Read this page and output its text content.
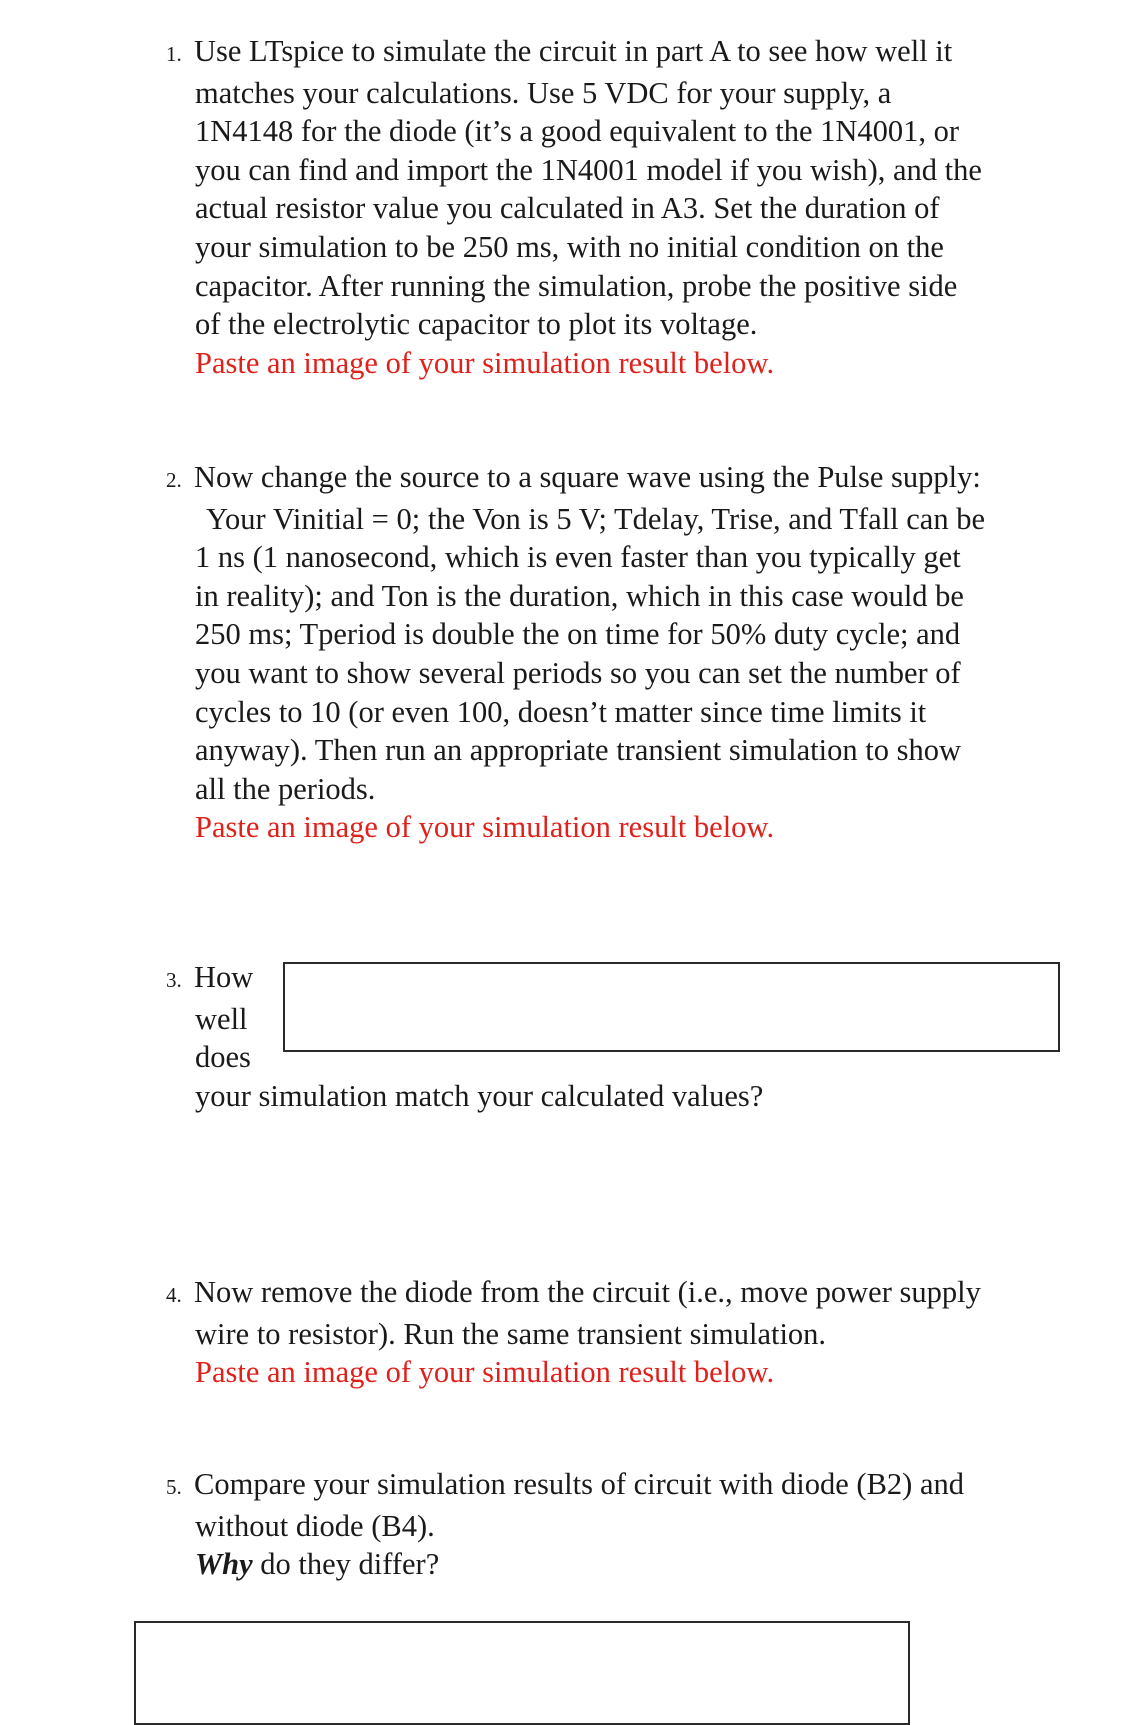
1. Use LTspice to simulate the circuit in part A to see how well it
matches your calculations. Use 5 VDC for your supply, a
1N4148 for the diode (it’s a good equivalent to the 1N4001, or
you can find and import the 1N4001 model if you wish), and the
actual resistor value you calculated in A3. Set the duration of
your simulation to be 250 ms, with no initial condition on the
capacitor. After running the simulation, probe the positive side
of the electrolytic capacitor to plot its voltage.
Paste an image of your simulation result below.
2. Now change the source to a square wave using the Pulse supply:
Your Vinitial = 0; the Von is 5 V; Tdelay, Trise, and Tfall can be
1 ns (1 nanosecond, which is even faster than you typically get
in reality); and Ton is the duration, which in this case would be
250 ms; Tperiod is double the on time for 50% duty cycle; and
you want to show several periods so you can set the number of
cycles to 10 (or even 100, doesn’t matter since time limits it
anyway). Then run an appropriate transient simulation to show
all the periods.
Paste an image of your simulation result below.
3. How
well
does
your simulation match your calculated values?
4. Now remove the diode from the circuit (i.e., move power supply
wire to resistor). Run the same transient simulation.
Paste an image of your simulation result below.
5. Compare your simulation results of circuit with diode (B2) and
without diode (B4).
Why do they differ?
